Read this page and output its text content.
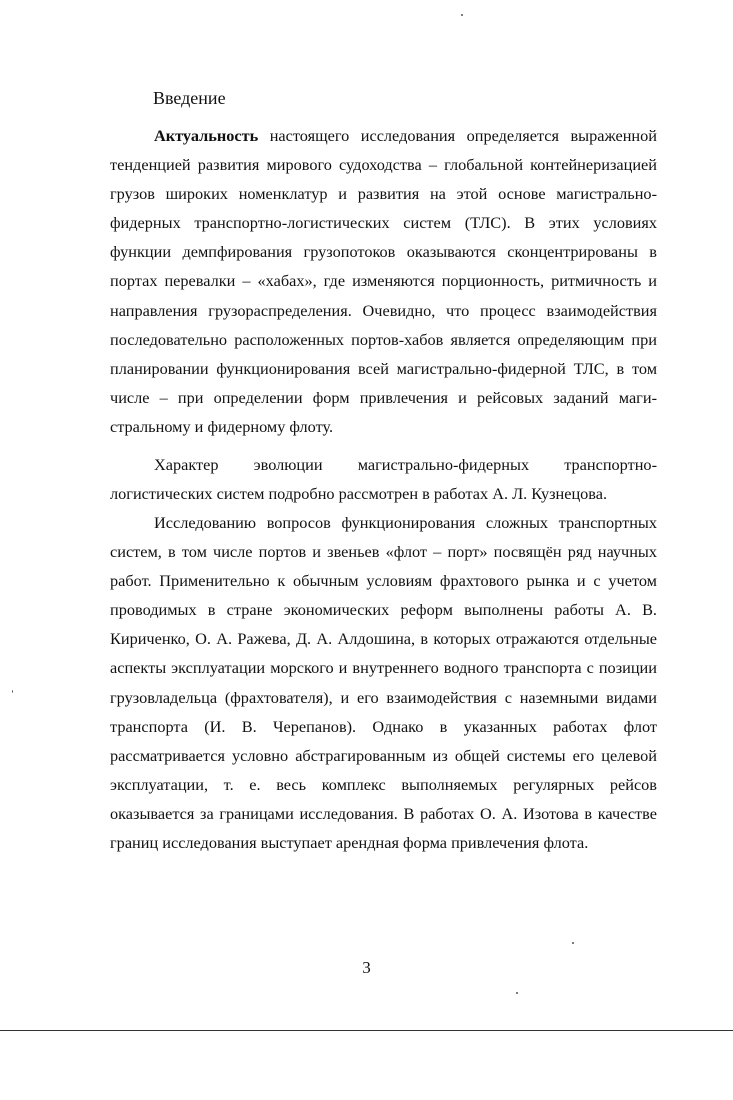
Введение

Актуальность настоящего исследования определяется выраженной тенденцией развития мирового судоходства – глобальной контейнеризацией грузов широких номенклатур и развития на этой основе магистрально-фидерных транспортно-логистических систем (ТЛС). В этих условиях функции демпфирования грузопотоков оказываются сконцентрированы в портах перевалки – «хабах», где изменяются порционность, ритмичность и направления грузораспределения. Очевидно, что процесс взаимодействия последовательно расположенных портов-хабов является определяющим при планировании функционирования всей магистрально-фидерной ТЛС, в том числе – при определении форм привлечения и рейсовых заданий магистральному и фидерному флоту.

Характер эволюции магистрально-фидерных транспортно-логистических систем подробно рассмотрен в работах А. Л. Кузнецова.

Исследованию вопросов функционирования сложных транспортных систем, в том числе портов и звеньев «флот – порт» посвящён ряд научных работ. Применительно к обычным условиям фрахтового рынка и с учетом проводимых в стране экономических реформ выполнены работы А. В. Кириченко, О. А. Ражева, Д. А. Алдошина, в которых отражаются отдельные аспекты эксплуатации морского и внутреннего водного транспорта с позиции грузовладельца (фрахтователя), и его взаимодействия с наземными видами транспорта (И. В. Черепанов). Однако в указанных работах флот рассматривается условно абстрагированным из общей системы его целевой эксплуатации, т. е. весь комплекс выполняемых регулярных рейсов оказывается за границами исследования. В работах О. А. Изотова в качестве границ исследования выступает арендная форма привлечения флота.

3
